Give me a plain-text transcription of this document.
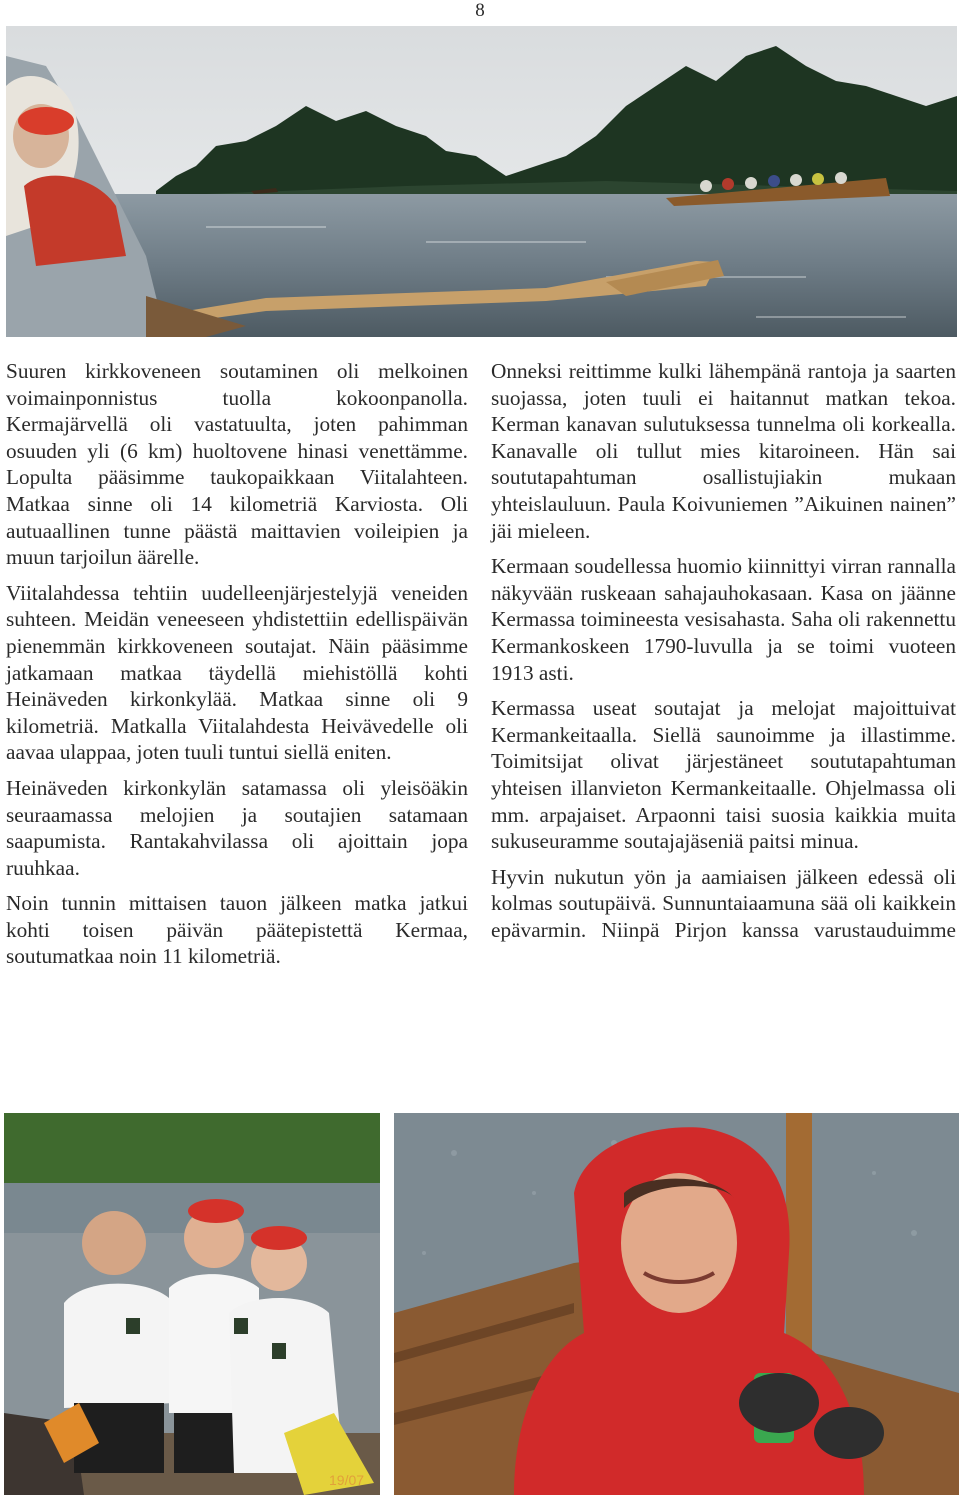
8

Suuren kirkkoveneen soutaminen oli melkoinen voimainponnistus tuolla kokoonpanolla. Kermajärvellä oli vastatuulta, joten pahimman osuuden yli (6 km) huoltovene hinasi venettämme. Lopulta pääsimme taukopaikkaan Viitalahteen. Matkaa sinne oli 14 kilometriä Karviosta. Oli autuaallinen tunne päästä maittavien voileipien ja muun tarjoilun äärelle.

Viitalahdessa tehtiin uudelleenjärjestelyjä veneiden suhteen. Meidän veneeseen yhdistettiin edellispäivän pienemmän kirkkoveneen soutajat. Näin pääsimme jatkamaan matkaa täydellä miehistöllä kohti Heinäveden kirkonkylää. Matkaa sinne oli 9 kilometriä. Matkalla Viitalahdesta Heivävedelle oli aavaa ulappaa, joten tuuli tuntui siellä eniten.

Heinäveden kirkonkylän satamassa oli yleisöäkin seuraamassa melojien ja soutajien satamaan saapumista. Rantakahvilassa oli ajoittain jopa ruuhkaa.

Noin tunnin mittaisen tauon jälkeen matka jatkui kohti toisen päivän päätepistettä Kermaa, soutumatkaa noin 11 kilometriä.

Onneksi reittimme kulki lähempänä rantoja ja saarten suojassa, joten tuuli ei haitannut matkan tekoa. Kerman kanavan sulutuksessa tunnelma oli korkealla. Kanavalle oli tullut mies kitaroineen. Hän sai soututapahtuman osallistujiakin mukaan yhteislauluun. Paula Koivuniemen ”Aikuinen nainen” jäi mieleen.

Kermaan soudellessa huomio kiinnittyi virran rannalla näkyvään ruskeaan sahajauhokasaan. Kasa on jäänne Kermassa toimineesta vesisahasta. Saha oli rakennettu Kermankoskeen 1790-luvulla ja se toimi vuoteen 1913 asti.

Kermassa useat soutajat ja melojat majoittuivat Kermankeitaalla. Siellä saunoimme ja illastimme. Toimitsijat olivat järjestäneet soututapahtuman yhteisen illanvieton Kermankeitaalle. Ohjelmassa oli mm. arpajaiset. Arpaonni taisi suosia kaikkia muita sukuseuramme soutajajäseniä paitsi minua.

Hyvin nukutun yön ja aamiaisen jälkeen edessä oli kolmas soutupäivä. Sunnuntaiaamuna sää oli kaikkein epävarmin. Niinpä Pirjon kanssa varustauduimme

19/07
